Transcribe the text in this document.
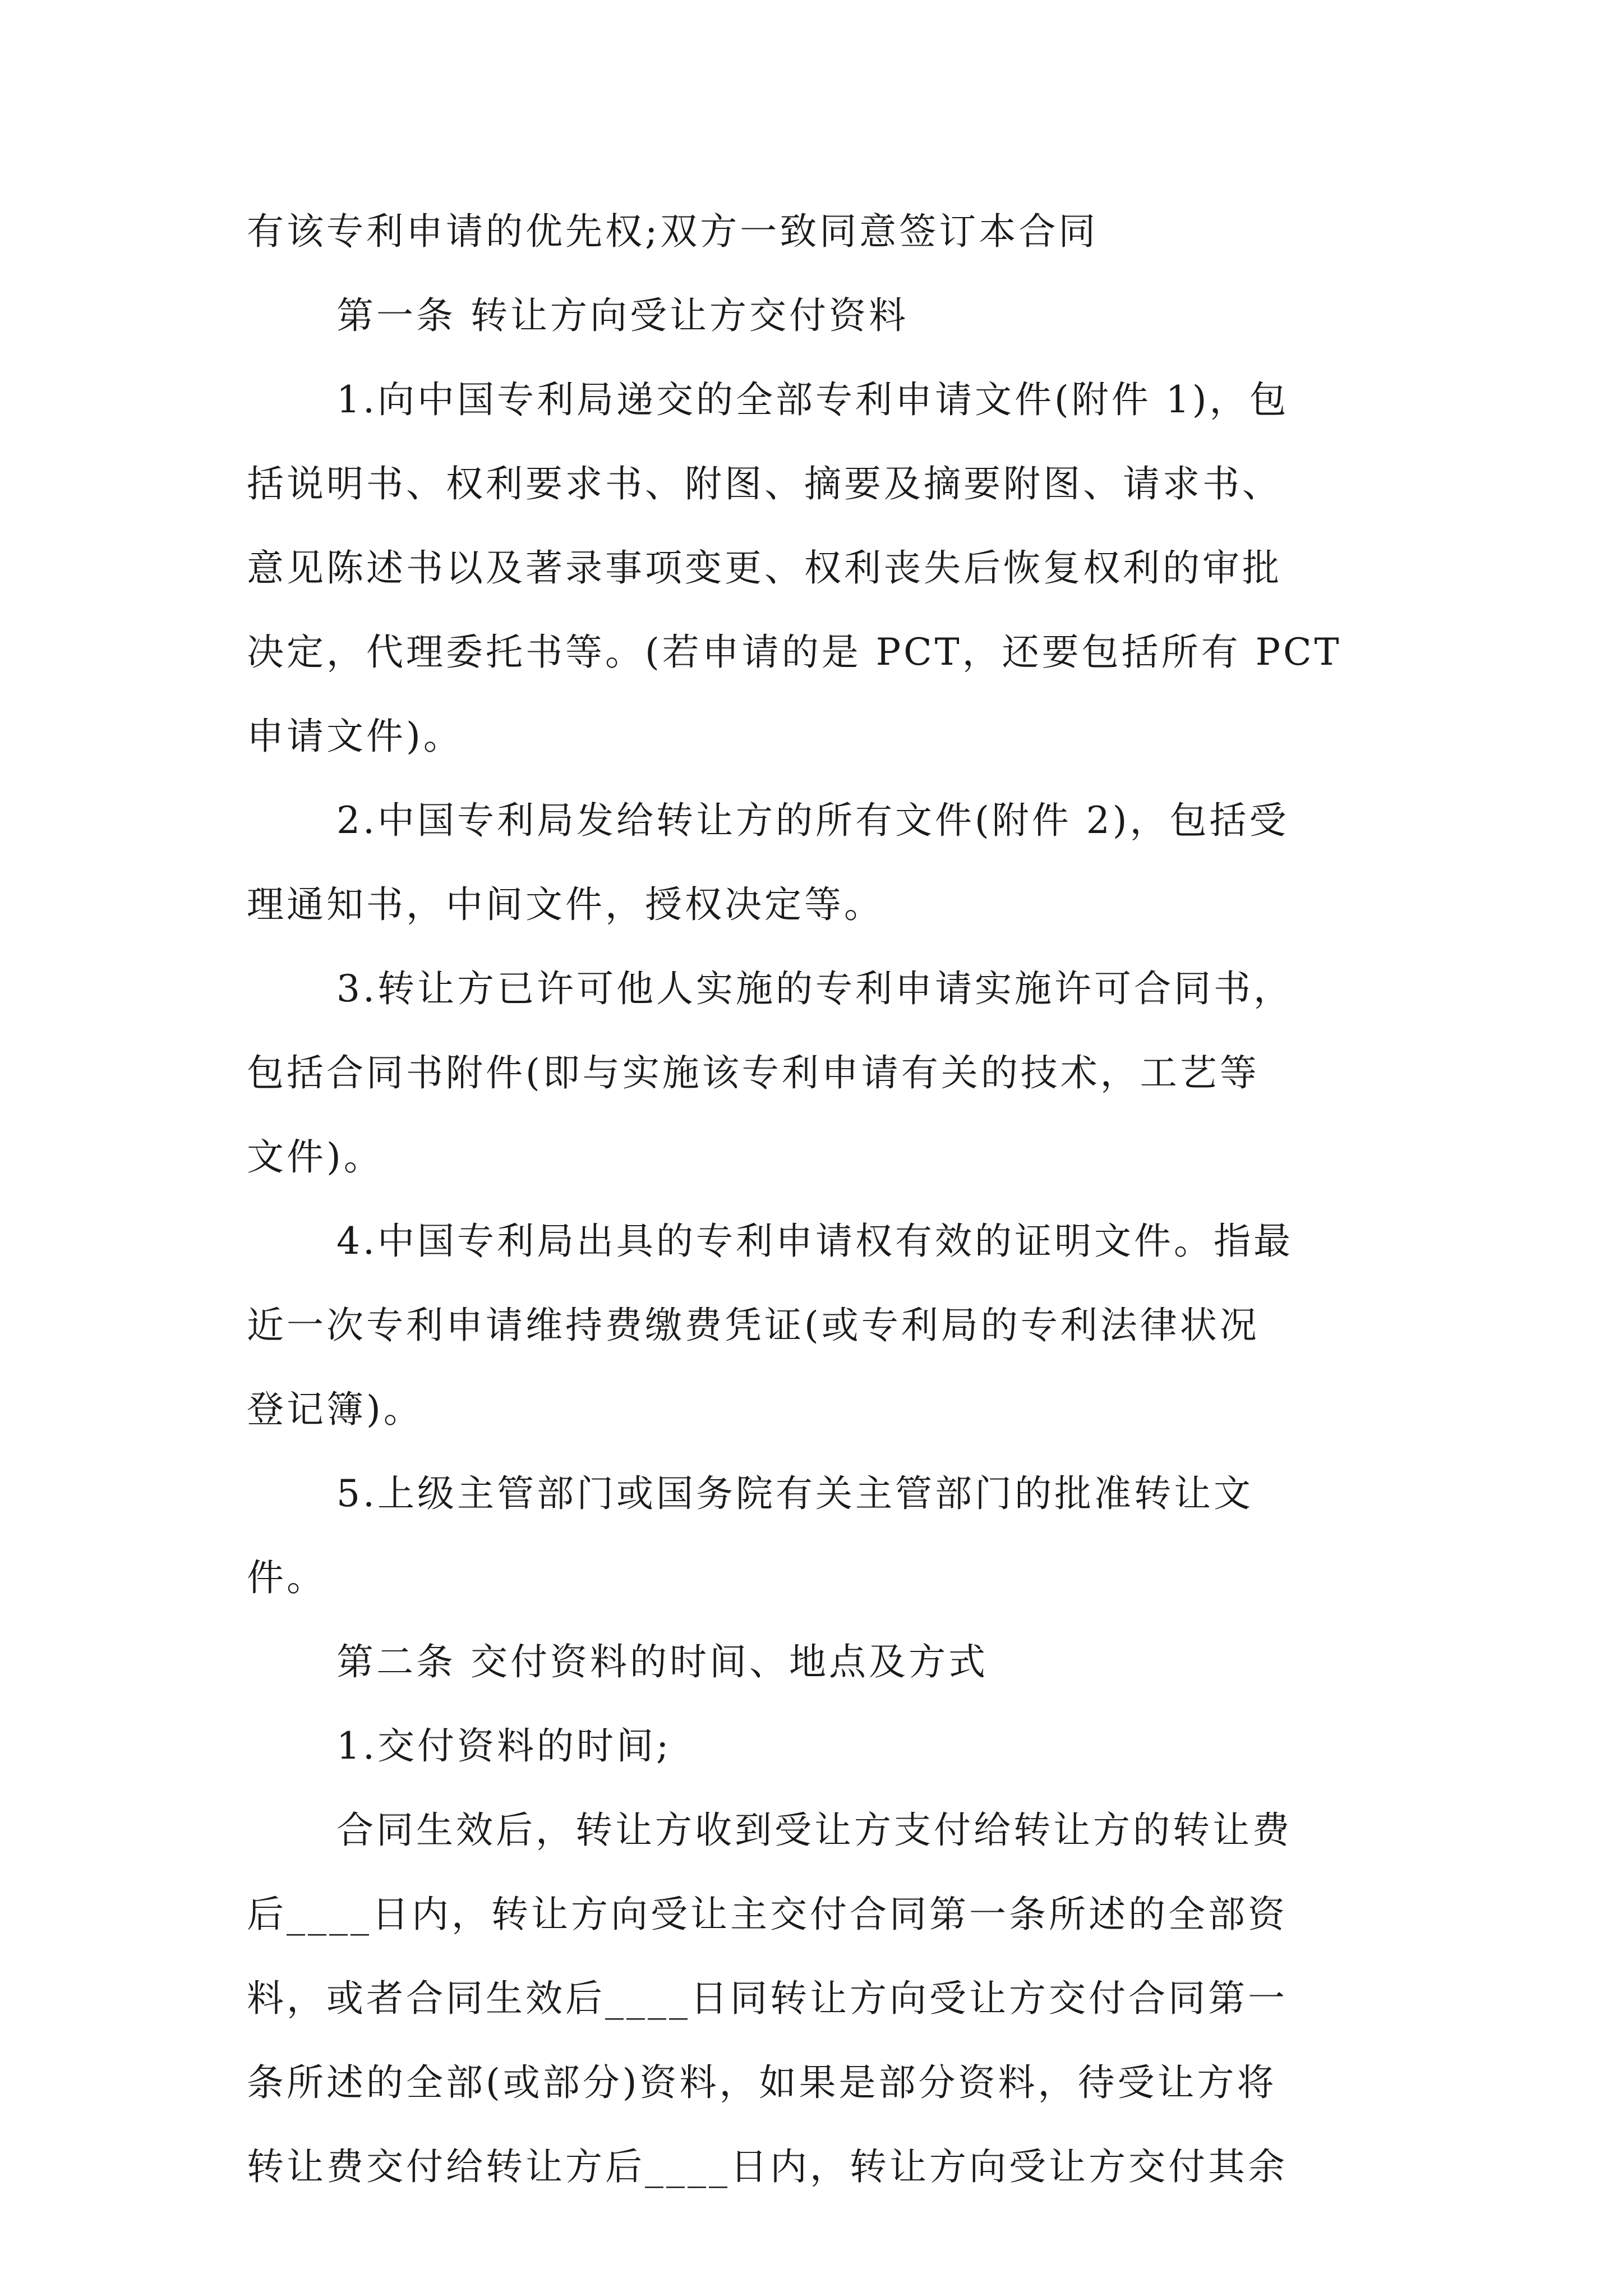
有该专利申请的优先权;双方一致同意签订本合同
第一条 转让方向受让方交付资料
1.向中国专利局递交的全部专利申请文件(附件 1)，包
括说明书、权利要求书、附图、摘要及摘要附图、请求书、
意见陈述书以及著录事项变更、权利丧失后恢复权利的审批
决定，代理委托书等。(若申请的是 PCT，还要包括所有 PCT
申请文件)。
2.中国专利局发给转让方的所有文件(附件 2)，包括受
理通知书，中间文件，授权决定等。
3.转让方已许可他人实施的专利申请实施许可合同书，
包括合同书附件(即与实施该专利申请有关的技术，工艺等
文件)。
4.中国专利局出具的专利申请权有效的证明文件。指最
近一次专利申请维持费缴费凭证(或专利局的专利法律状况
登记簿)。
5.上级主管部门或国务院有关主管部门的批准转让文
件。
第二条 交付资料的时间、地点及方式
1.交付资料的时间;
合同生效后，转让方收到受让方支付给转让方的转让费
后____日内，转让方向受让主交付合同第一条所述的全部资
料，或者合同生效后____日同转让方向受让方交付合同第一
条所述的全部(或部分)资料，如果是部分资料，待受让方将
转让费交付给转让方后____日内，转让方向受让方交付其余
